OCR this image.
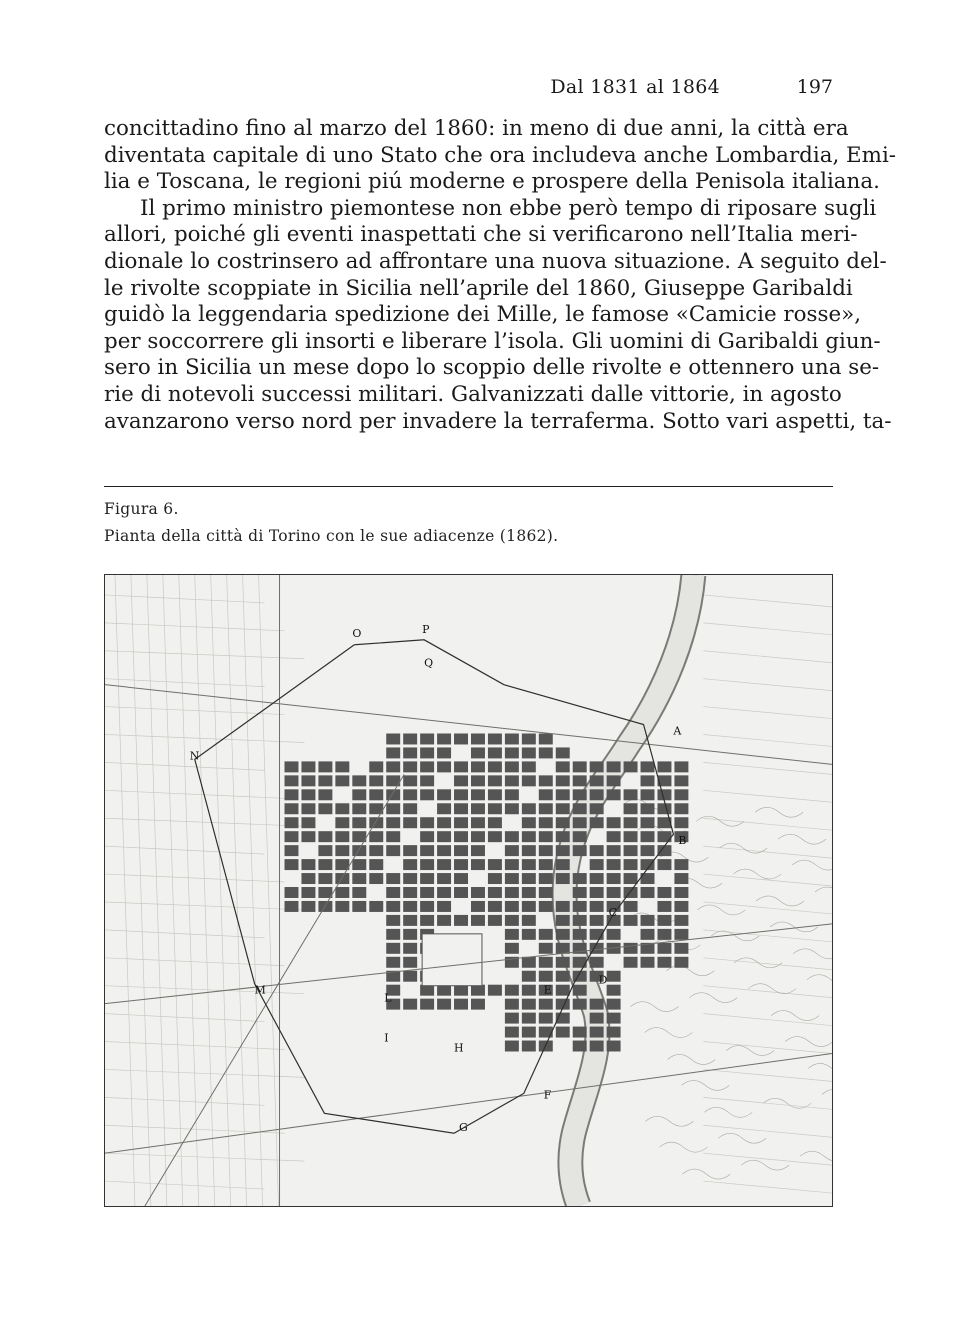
Dal 1831 al 1864	197
concittadino fino al marzo del 1860: in meno di due anni, la città era
diventata capitale di uno Stato che ora includeva anche Lombardia, Emi-
lia e Toscana, le regioni piú moderne e prospere della Penisola italiana.
Il primo ministro piemontese non ebbe però tempo di riposare sugli
allori, poiché gli eventi inaspettati che si verificarono nell’Italia meri-
dionale lo costrinsero ad affrontare una nuova situazione. A seguito del-
le rivolte scoppiate in Sicilia nell’aprile del 1860, Giuseppe Garibaldi
guidò la leggendaria spedizione dei Mille, le famose «Camicie rosse»,
per soccorrere gli insorti e liberare l’isola. Gli uomini di Garibaldi giun-
sero in Sicilia un mese dopo lo scoppio delle rivolte e ottennero una se-
rie di notevoli successi militari. Galvanizzati dalle vittorie, in agosto
avanzarono verso nord per invadere la terraferma. Sotto vari aspetti, ta-
Figura 6.
Pianta della città di Torino con le sue adiacenze (1862).
O	P
Q
A
N
B
M
L
I
H
E
D
C
F
G
